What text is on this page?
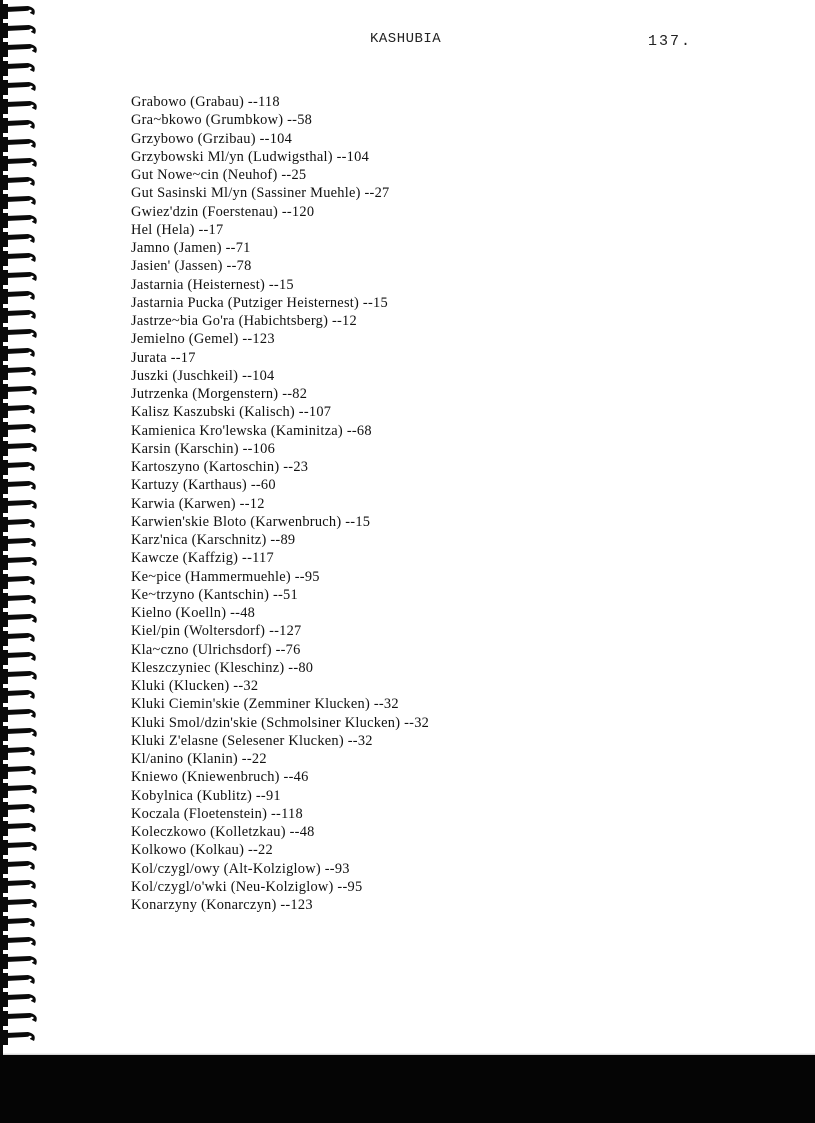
KASHUBIA	137.
Grabowo (Grabau) --118
Gra~bkowo (Grumbkow) --58
Grzybowo (Grzibau) --104
Grzybowski Ml/yn (Ludwigsthal) --104
Gut Nowe~cin (Neuhof) --25
Gut Sasinski Ml/yn (Sassiner Muehle) --27
Gwiez'dzin (Foerstenau) --120
Hel (Hela) --17
Jamno (Jamen) --71
Jasien' (Jassen) --78
Jastarnia (Heisternest) --15
Jastarnia Pucka (Putziger Heisternest) --15
Jastrze~bia Go'ra (Habichtsberg) --12
Jemielno (Gemel) --123
Jurata --17
Juszki (Juschkeil) --104
Jutrzenka (Morgenstern) --82
Kalisz Kaszubski (Kalisch) --107
Kamienica Kro'lewska (Kaminitza) --68
Karsin (Karschin) --106
Kartoszyno (Kartoschin) --23
Kartuzy (Karthaus) --60
Karwia (Karwen) --12
Karwien'skie Bloto (Karwenbruch) --15
Karz'nica (Karschnitz) --89
Kawcze (Kaffzig) --117
Ke~pice (Hammermuehle) --95
Ke~trzyno (Kantschin) --51
Kielno (Koelln) --48
Kiel/pin (Woltersdorf) --127
Kla~czno (Ulrichsdorf) --76
Kleszczyniec (Kleschinz) --80
Kluki (Klucken) --32
Kluki Ciemin'skie (Zemminer Klucken) --32
Kluki Smol/dzin'skie (Schmolsiner Klucken) --32
Kluki Z'elasne (Selesener Klucken) --32
Kl/anino (Klanin) --22
Kniewo (Kniewenbruch) --46
Kobylnica (Kublitz) --91
Koczala (Floetenstein) --118
Koleczkowo (Kolletzkau) --48
Kolkowo (Kolkau) --22
Kol/czygl/owy (Alt-Kolziglow) --93
Kol/czygl/o'wki (Neu-Kolziglow) --95
Konarzyny (Konarczyn) --123
